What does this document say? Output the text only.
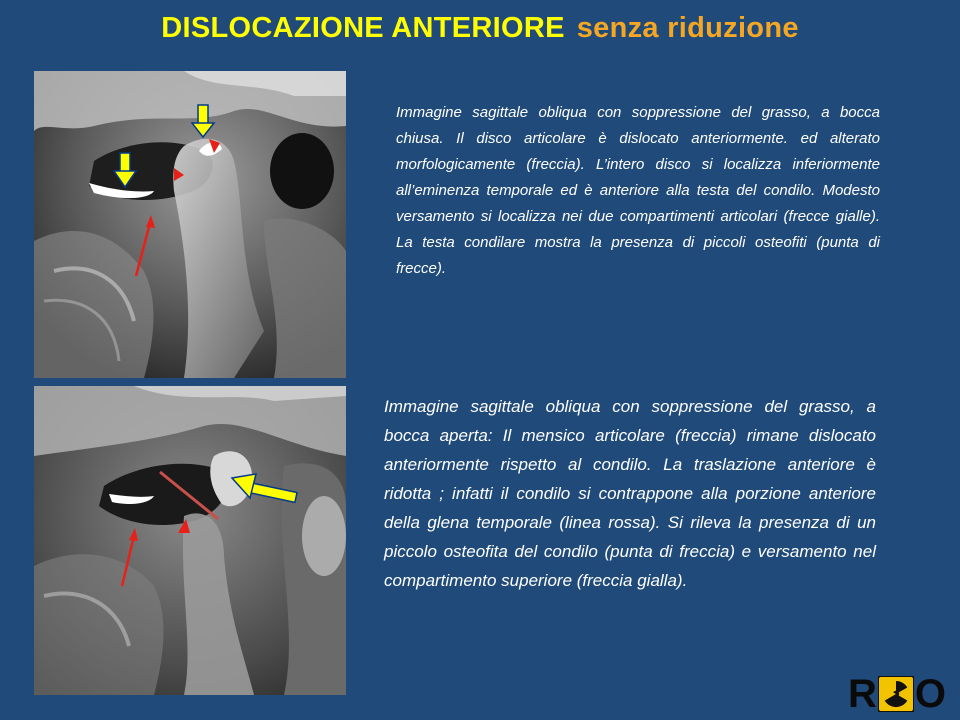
DISLOCAZIONE ANTERIORE senza riduzione
Immagine sagittale obliqua con soppressione del grasso, a bocca chiusa. Il disco articolare è dislocato anteriormente. ed alterato morfologicamente (freccia). L’intero disco si localizza inferiormente all’eminenza temporale ed è anteriore alla testa del condilo. Modesto versamento si localizza nei due compartimenti articolari (frecce gialle). La testa condilare mostra la presenza di piccoli osteofiti (punta di frecce).
Immagine sagittale obliqua con soppressione del grasso, a bocca aperta: Il mensico articolare (freccia) rimane dislocato anteriormente rispetto al condilo. La traslazione anteriore è ridotta ; infatti il condilo si contrappone alla porzione anteriore della glena temporale (linea rossa). Si rileva la presenza di un piccolo osteofita del condilo (punta di freccia) e versamento nel compartimento superiore (freccia gialla).
R O
